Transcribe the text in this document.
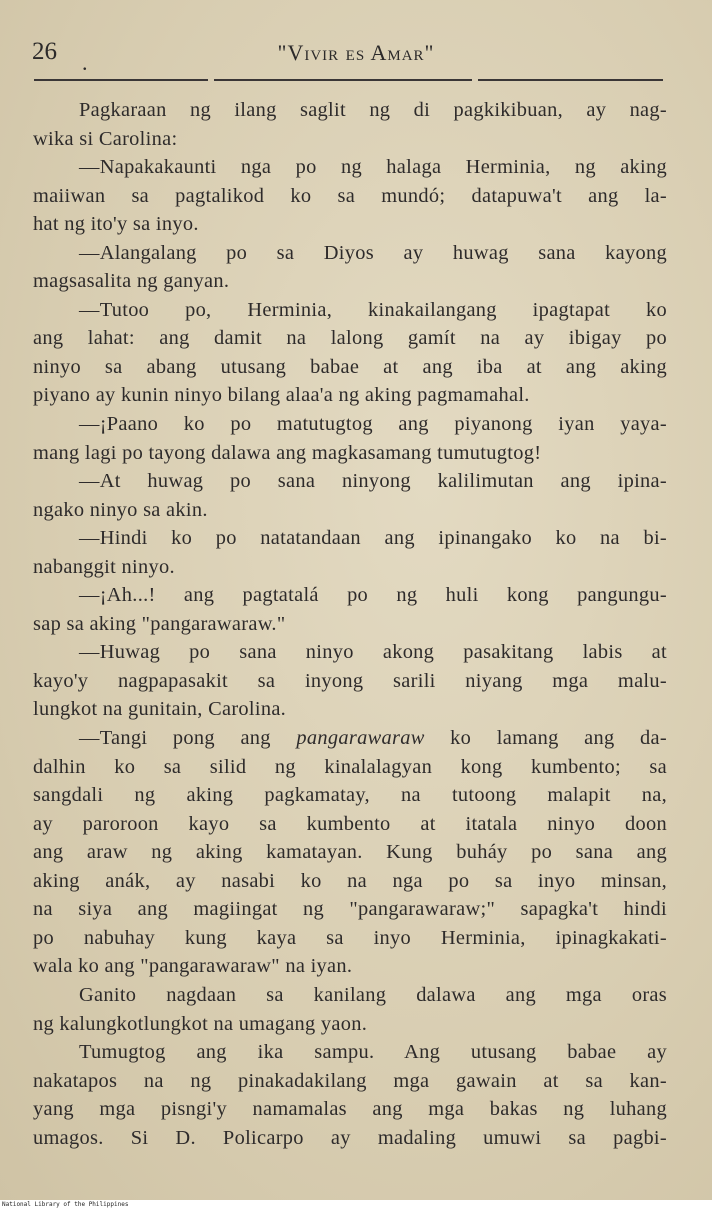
26 .	"Vivir es Amar"
Pagkaraan ng ilang saglit ng di pagkikibuan, ay nag-
wika si Carolina:
—Napakakaunti nga po ng halaga Herminia, ng aking
maiiwan sa pagtalikod ko sa mundó; datapuwa't ang la-
hat ng ito'y sa inyo.
—Alangalang po sa Diyos ay huwag sana kayong
magsasalita ng ganyan.
—Tutoo po, Herminia, kinakailangang ipagtapat ko
ang lahat: ang damit na lalong gamít na ay ibigay po
ninyo sa abang utusang babae at ang iba at ang aking
piyano ay kunin ninyo bilang alaa'a ng aking pagmamahal.
—¡Paano ko po matutugtog ang piyanong iyan yaya-
mang lagi po tayong dalawa ang magkasamang tumutugtog!
—At huwag po sana ninyong kalilimutan ang ipina-
ngako ninyo sa akin.
—Hindi ko po natatandaan ang ipinangako ko na bi-
nabanggit ninyo.
—¡Ah...! ang pagtatalá po ng huli kong pangungu-
sap sa aking "pangarawaraw."
—Huwag po sana ninyo akong pasakitang labis at
kayo'y nagpapasakit sa inyong sarili niyang mga malu-
lungkot na gunitain, Carolina.
—Tangi pong ang pangarawaraw ko lamang ang da-
dalhin ko sa silid ng kinalalagyan kong kumbento; sa
sangdali ng aking pagkamatay, na tutoong malapit na,
ay paroroon kayo sa kumbento at itatala ninyo doon
ang araw ng aking kamatayan. Kung buháy po sana ang
aking anák, ay nasabi ko na nga po sa inyo minsan,
na siya ang magiingat ng "pangarawaraw;" sapagka't hindi
po nabuhay kung kaya sa inyo Herminia, ipinagkakati-
wala ko ang "pangarawaraw" na iyan.
Ganito nagdaan sa kanilang dalawa ang mga oras
ng kalungkotlungkot na umagang yaon.
Tumugtog ang ika sampu. Ang utusang babae ay
nakatapos na ng pinakadakilang mga gawain at sa kan-
yang mga pisngi'y namamalas ang mga bakas ng luhang
umagos. Si D. Policarpo ay madaling umuwi sa pagbi-
National Library of the Philippines
